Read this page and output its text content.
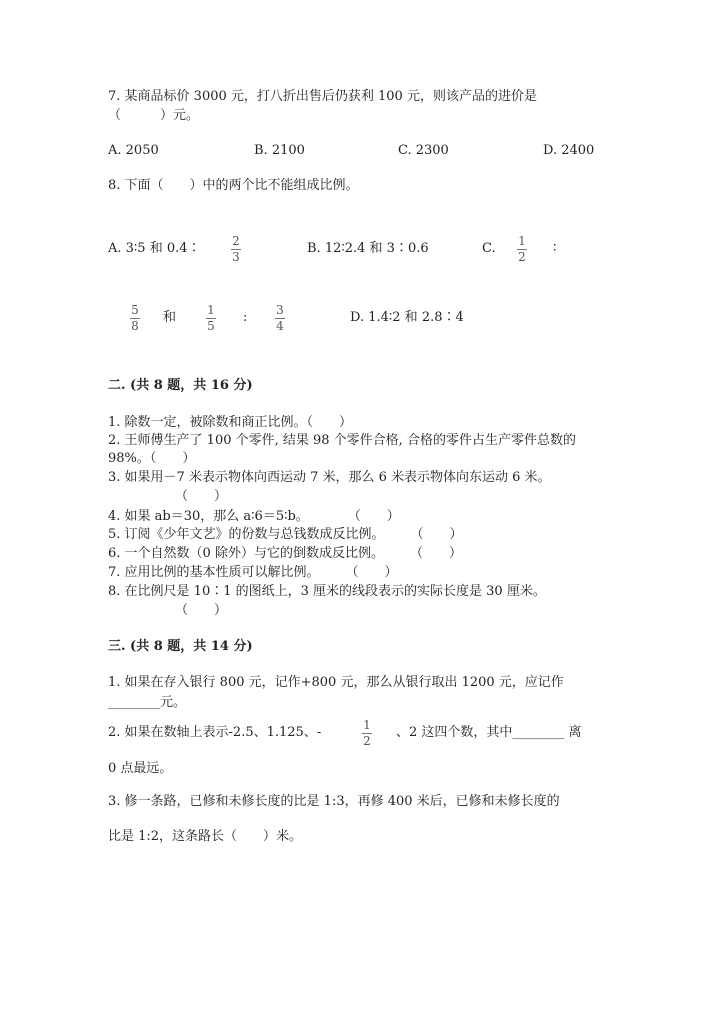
7. 某商品标价 3000 元，打八折出售后仍获利 100 元，则该产品的进价是
（　　　）元。
A. 2050	B. 2100	C. 2300	D. 2400
8. 下面（　　）中的两个比不能组成比例。
A. 3∶5 和 0.4∶	2
3
B. 12∶2.4 和 3∶0.6	C. 1
2
∶
5
8
和	1
5
: 3
4
D. 1.4∶2 和 2.8∶4
二. (共 8 题，共 16 分)
1. 除数一定，被除数和商正比例。（　　）
2. 王师傅生产了 100 个零件, 结果 98 个零件合格, 合格的零件占生产零件总数的
98%。（　　）
3. 如果用－7 米表示物体向西运动 7 米，那么 6 米表示物体向东运动 6 米。
（　　）
4. 如果 ab＝30，那么 a∶6＝5∶b。　　　　（　　）
5. 订阅《少年文艺》的份数与总钱数成反比例。　　　（　　）
6. 一个自然数（0 除外）与它的倒数成反比例。　　　（　　）
7. 应用比例的基本性质可以解比例。　　　（　　）
8. 在比例尺是 10∶1 的图纸上，3 厘米的线段表示的实际长度是 30 厘米。
（　　）
三. (共 8 题，共 14 分)
1. 如果在存入银行 800 元，记作+800 元，那么从银行取出 1200 元，应记作
________元。
2. 如果在数轴上表示-2.5、1.125、-	1
2
、2 这四个数，其中________ 离
0 点最远。
3. 修一条路，已修和未修长度的比是 1:3，再修 400 米后，已修和未修长度的
比是 1:2，这条路长（　　）米。
